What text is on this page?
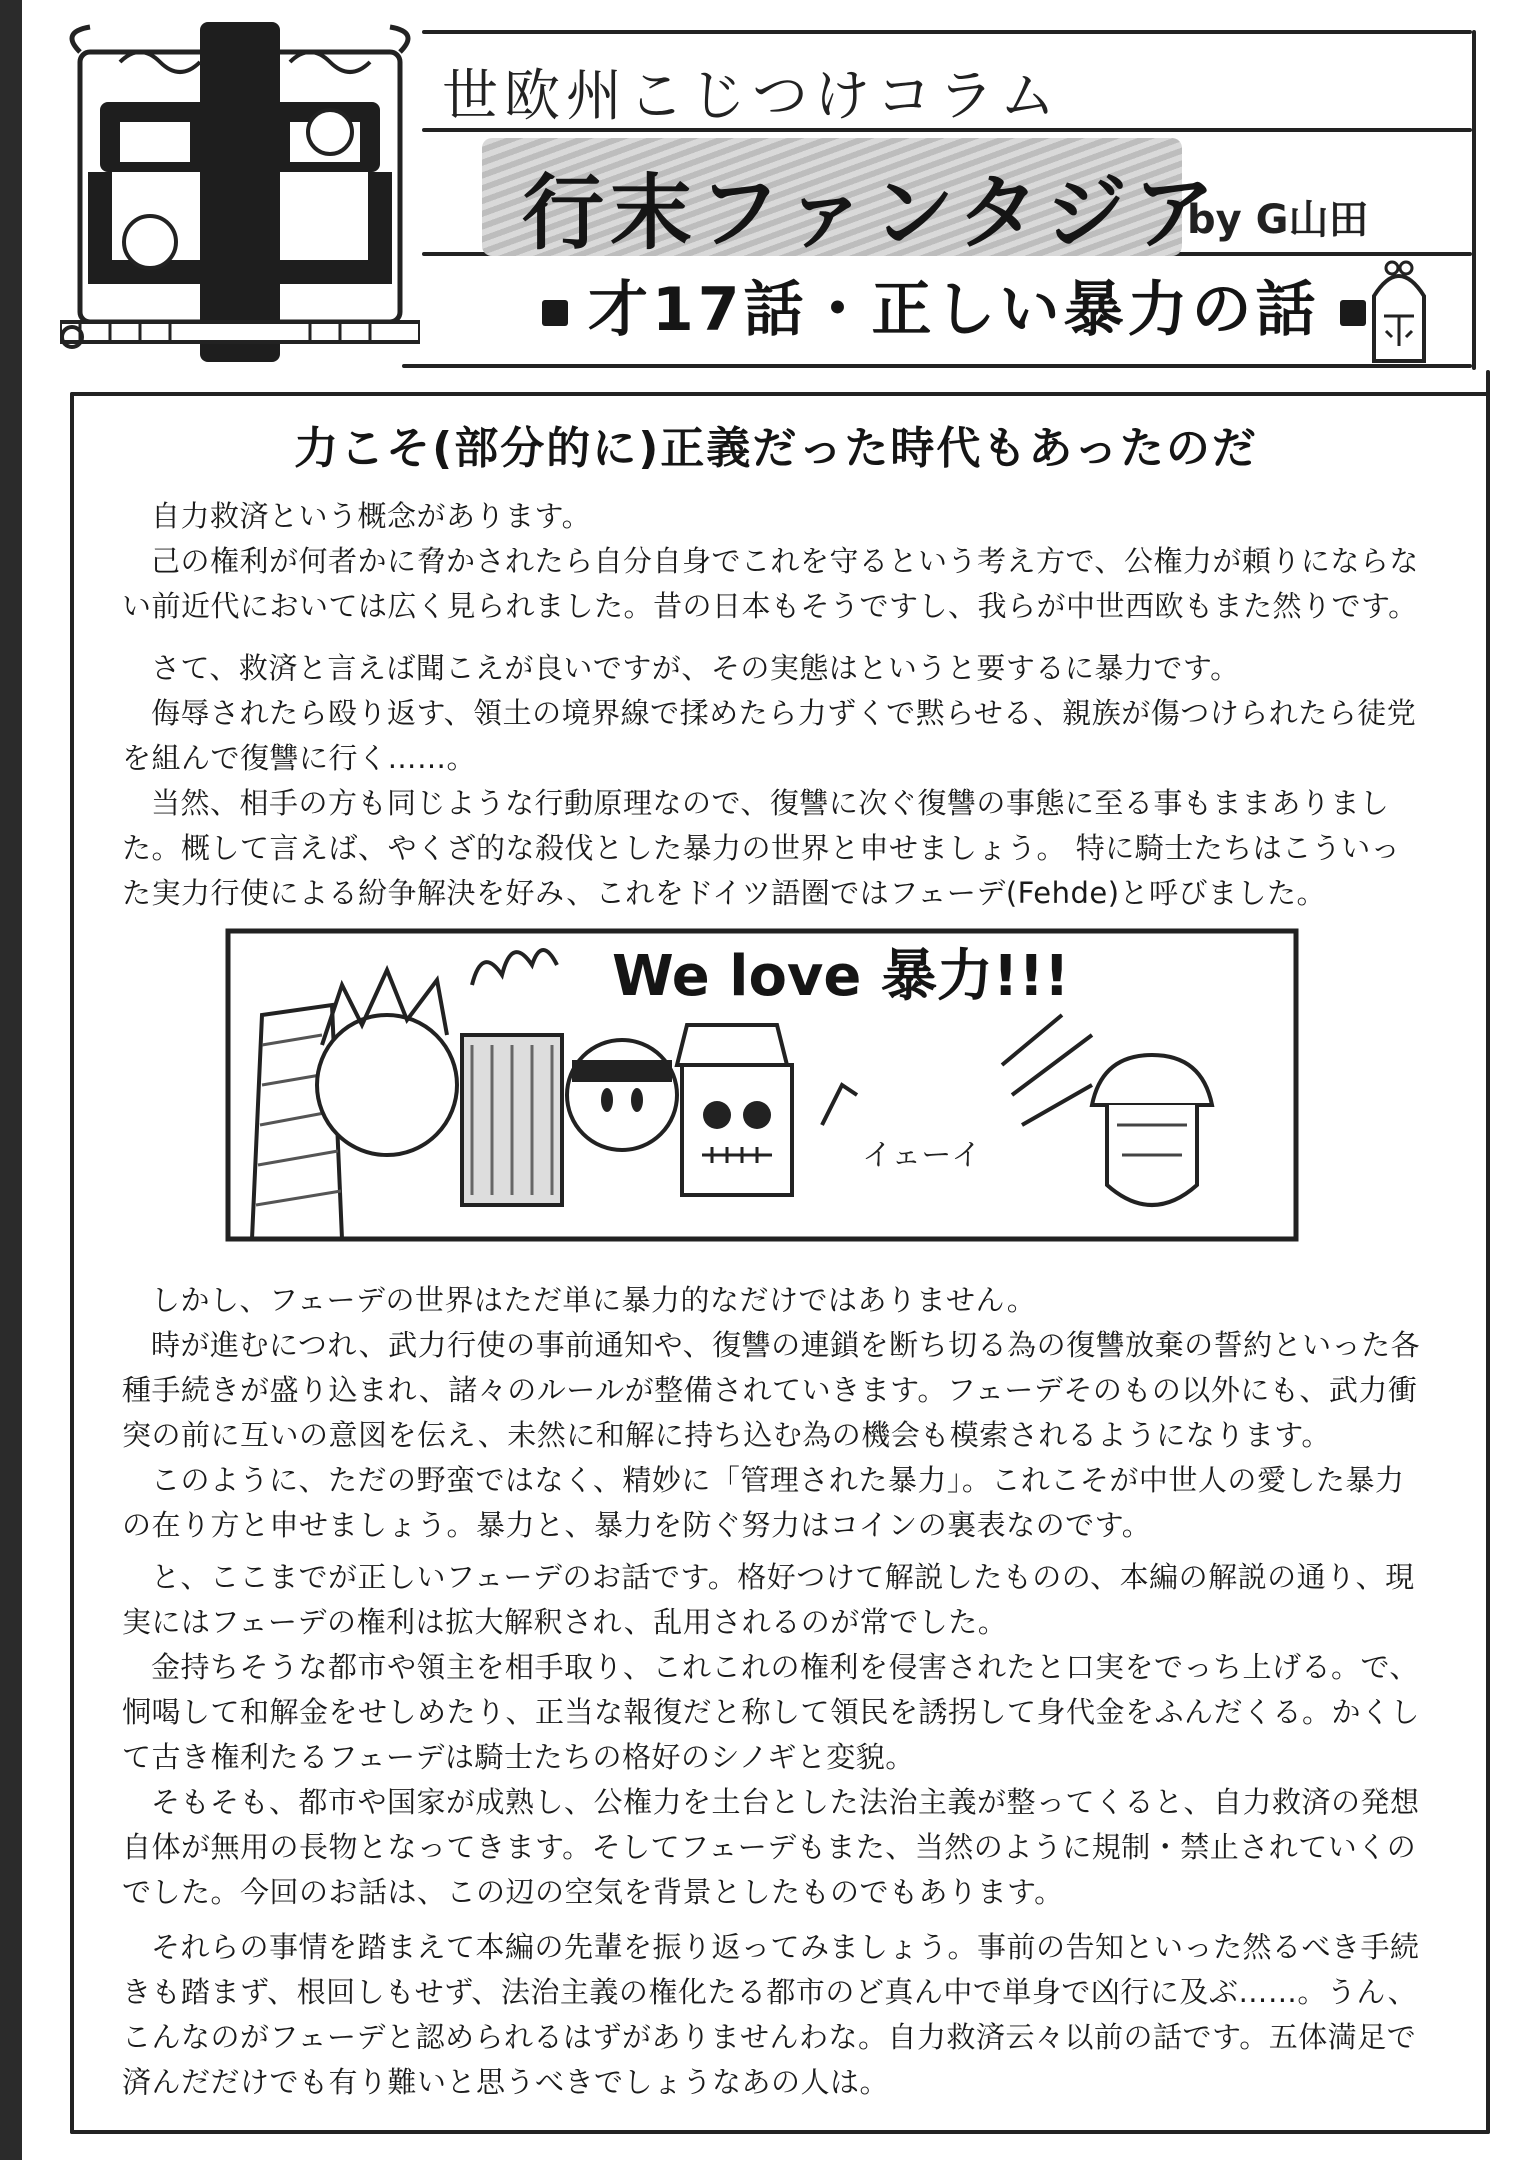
世欧州こじつけコラム
行末ファンタジア
by G山田
才17話・正しい暴力の話
力こそ(部分的に)正義だった時代もあったのだ

自力救済という概念があります。

己の権利が何者かに脅かされたら自分自身でこれを守るという考え方で、公権力が頼りにならない前近代においては広く見られました。昔の日本もそうですし、我らが中世西欧もまた然りです。

さて、救済と言えば聞こえが良いですが、その実態はというと要するに暴力です。

侮辱されたら殴り返す、領土の境界線で揉めたら力ずくで黙らせる、親族が傷つけられたら徒党を組んで復讐に行く……。

当然、相手の方も同じような行動原理なので、復讐に次ぐ復讐の事態に至る事もままありました。概して言えば、やくざ的な殺伐とした暴力の世界と申せましょう。 特に騎士たちはこういった実力行使による紛争解決を好み、これをドイツ語圏ではフェーデ(Fehde)と呼びました。

We love 暴力!!!
イェーイ

しかし、フェーデの世界はただ単に暴力的なだけではありません。

時が進むにつれ、武力行使の事前通知や、復讐の連鎖を断ち切る為の復讐放棄の誓約といった各種手続きが盛り込まれ、諸々のルールが整備されていきます。フェーデそのもの以外にも、武力衝突の前に互いの意図を伝え、未然に和解に持ち込む為の機会も模索されるようになります。

このように、ただの野蛮ではなく、精妙に「管理された暴力」。これこそが中世人の愛した暴力の在り方と申せましょう。暴力と、暴力を防ぐ努力はコインの裏表なのです。

と、ここまでが正しいフェーデのお話です。格好つけて解説したものの、本編の解説の通り、現実にはフェーデの権利は拡大解釈され、乱用されるのが常でした。

金持ちそうな都市や領主を相手取り、これこれの権利を侵害されたと口実をでっち上げる。で、恫喝して和解金をせしめたり、正当な報復だと称して領民を誘拐して身代金をふんだくる。かくして古き権利たるフェーデは騎士たちの格好のシノギと変貌。

そもそも、都市や国家が成熟し、公権力を土台とした法治主義が整ってくると、自力救済の発想自体が無用の長物となってきます。そしてフェーデもまた、当然のように規制・禁止されていくのでした。今回のお話は、この辺の空気を背景としたものでもあります。

それらの事情を踏まえて本編の先輩を振り返ってみましょう。事前の告知といった然るべき手続きも踏まず、根回しもせず、法治主義の権化たる都市のど真ん中で単身で凶行に及ぶ……。うん、こんなのがフェーデと認められるはずがありませんわな。自力救済云々以前の話です。五体満足で済んだだけでも有り難いと思うべきでしょうなあの人は。
